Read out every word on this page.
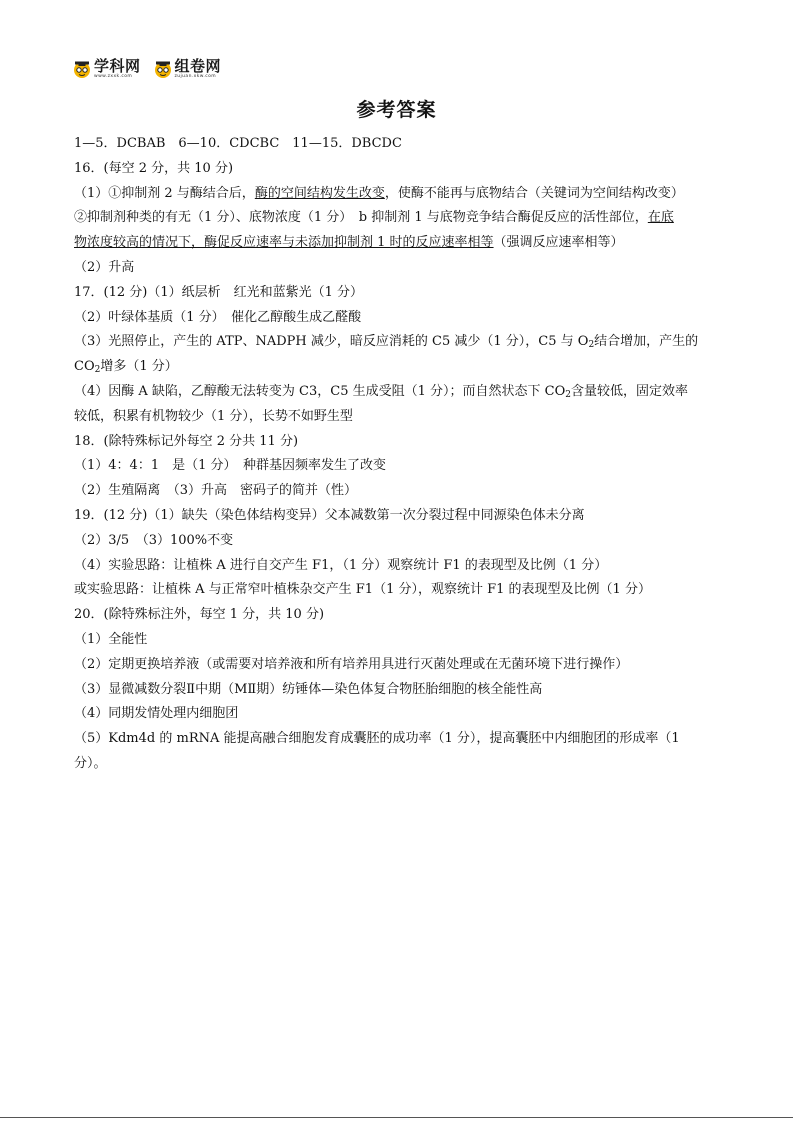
学科网
www.zxxk.com
组卷网
zujuan.xkw.com
参考答案
1—5．DCBAB　6—10．CDCBC　11—15．DBCDC
16．(每空 2 分，共 10 分)
（1）①抑制剂 2 与酶结合后，酶的空间结构发生改变，使酶不能再与底物结合（关键词为空间结构改变）
②抑制剂种类的有无（1 分）、底物浓度（1 分）　b 抑制剂 1 与底物竞争结合酶促反应的活性部位，在底
物浓度较高的情况下，酶促反应速率与未添加抑制剂 1 时的反应速率相等（强调反应速率相等）
（2）升高
17．(12 分)（1）纸层析　红光和蓝紫光（1 分）
（2）叶绿体基质（1 分）　催化乙醇酸生成乙醛酸
（3）光照停止，产生的 ATP、NADPH 减少，暗反应消耗的 C5 减少（1 分），C5 与 $O_2$结合增加，产生的
$CO_2$增多（1 分）
（4）因酶 A 缺陷，乙醇酸无法转变为 C3，C5 生成受阻（1 分）；而自然状态下 $CO_2$含量较低，固定效率
较低，积累有机物较少（1 分），长势不如野生型
18．(除特殊标记外每空 2 分共 11 分)
（1）4：4：1　是（1 分）　种群基因频率发生了改变
（2）生殖隔离　（3）升高　密码子的简并（性）
19．(12 分)（1）缺失（染色体结构变异）父本减数第一次分裂过程中同源染色体未分离
（2）3/5　（3）100%不变
（4）实验思路：让植株 A 进行自交产生 F1，（1 分）观察统计 F1 的表现型及比例（1 分）
或实验思路：让植株 A 与正常窄叶植株杂交产生 F1（1 分），观察统计 F1 的表现型及比例（1 分）
20．(除特殊标注外，每空 1 分，共 10 分)
（1）全能性
（2）定期更换培养液（或需要对培养液和所有培养用具进行灭菌处理或在无菌环境下进行操作）
（3）显微减数分裂Ⅱ中期（MⅡ期）纺锤体—染色体复合物胚胎细胞的核全能性高
（4）同期发情处理内细胞团
（5）Kdm4d 的 mRNA 能提高融合细胞发育成囊胚的成功率（1 分），提高囊胚中内细胞团的形成率（1
分）。
